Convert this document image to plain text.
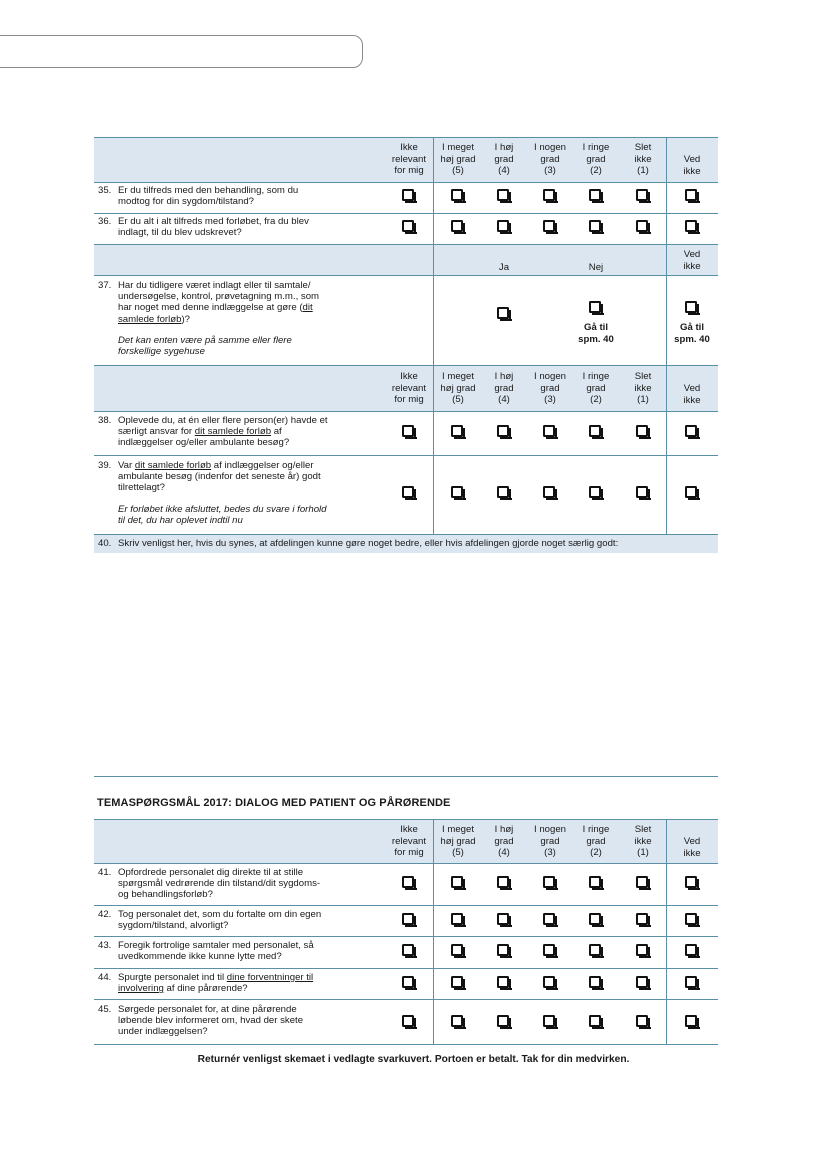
Ikke
relevant
for mig
I meget
høj grad
(5)
I høj
grad
(4)
I nogen
grad
(3)
I ringe
grad
(2)
Slet
ikke
(1)
Ved
ikke
35. Er du tilfreds med den behandling, som du
modtog for din sygdom/tilstand?
36. Er du alt i alt tilfreds med forløbet, fra du blev
indlagt, til du blev udskrevet?
Ja	Nej
Ved
ikke
37. Har du tidligere været indlagt eller til samtale/
undersøgelse, kontrol, prøvetagning m.m., som
har noget med denne indlæggelse at gøre (dit
samlede forløb)?
Det kan enten være på samme eller flere
forskellige sygehuse
Gå til
spm. 40
Gå til
spm. 40
Ikke
relevant
for mig
I meget
høj grad
(5)
I høj
grad
(4)
I nogen
grad
(3)
I ringe
grad
(2)
Slet
ikke
(1)
Ved
ikke
38. Oplevede du, at én eller flere person(er) havde et
særligt ansvar for dit samlede forløb af
indlæggelser og/eller ambulante besøg?
39. Var dit samlede forløb af indlæggelser og/eller
ambulante besøg (indenfor det seneste år) godt
tilrettelagt?
Er forløbet ikke afsluttet, bedes du svare i forhold
til det, du har oplevet indtil nu
40. Skriv venligst her, hvis du synes, at afdelingen kunne gøre noget bedre, eller hvis afdelingen gjorde noget særlig godt:
TEMASPØRGSMÅL 2017: DIALOG MED PATIENT OG PÅRØRENDE
Ikke
relevant
for mig
I meget
høj grad
(5)
I høj
grad
(4)
I nogen
grad
(3)
I ringe
grad
(2)
Slet
ikke
(1)
Ved
ikke
41. Opfordrede personalet dig direkte til at stille
spørgsmål vedrørende din tilstand/dit sygdoms-
og behandlingsforløb?
42. Tog personalet det, som du fortalte om din egen
sygdom/tilstand, alvorligt?
43. Foregik fortrolige samtaler med personalet, så
uvedkommende ikke kunne lytte med?
44. Spurgte personalet ind til dine forventninger til
involvering af dine pårørende?
45. Sørgede personalet for, at dine pårørende
løbende blev informeret om, hvad der skete
under indlæggelsen?
Returnér venligst skemaet i vedlagte svarkuvert. Portoen er betalt. Tak for din medvirken.
